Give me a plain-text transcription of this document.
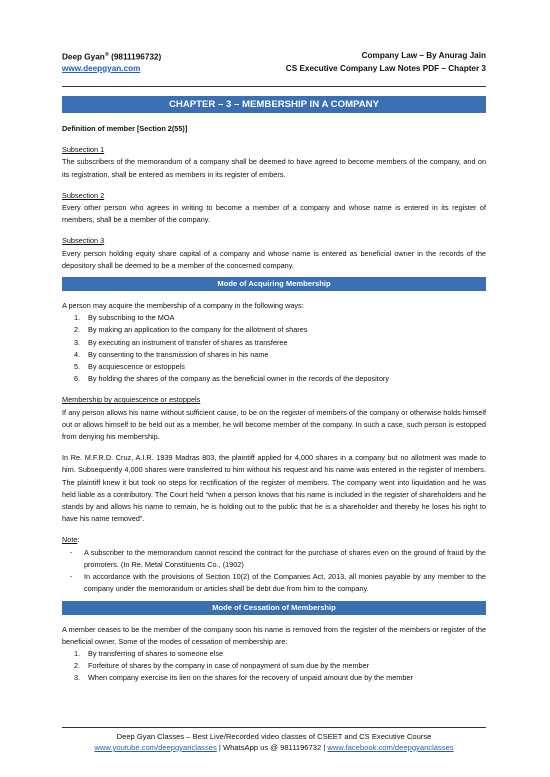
Deep Gyan® (9811196732)	Company Law – By Anurag Jain
www.deepgyan.com	CS Executive Company Law Notes PDF – Chapter 3
CHAPTER – 3 – MEMBERSHIP IN A COMPANY

Definition of member [Section 2(55)]

Subsection 1

The subscribers of the memorandum of a company shall be deemed to have agreed to become members of the company, and on its registration, shall be entered as members in its register of embers.

Subsection 2

Every other person who agrees in writing to become a member of a company and whose name is entered in its register of members, shall be a member of the company.

Subsection 3

Every person holding equity share capital of a company and whose name is entered as beneficial owner in the records of the depository shall be deemed to be a member of the concerned company.

Mode of Acquiring Membership

A person may acquire the membership of a company in the following ways:

1.	By subscribing to the MOA
2.	By making an application to the company for the allotment of shares
3.	By executing an instrument of transfer of shares as transferee
4.	By consenting to the transmission of shares in his name
5.	By acquiescence or estoppels
6.	By holding the shares of the company as the beneficial owner in the records of the depository

Membership by acquiescence or estoppels

If any person allows his name without sufficient cause, to be on the register of members of the company or otherwise holds himself out or allows himself to be held out as a member, he will become member of the company. In such a case, such person is estopped from denying his membership.

In Re. M.F.R.D. Cruz, A.I.R. 1939 Madras 803, the plaintiff applied for 4,000 shares in a company but no allotment was made to him. Subsequently 4,000 shares were transferred to him without his request and his name was entered in the register of members. The plaintiff knew it but took no steps for rectification of the register of members. The company went into liquidation and he was held liable as a contributory. The Court held “when a person knows that his name is included in the register of shareholders and he stands by and allows his name to remain, he is holding out to the public that he is a shareholder and thereby he loses his right to have his name removed”.

Note:

-	A subscriber to the memorandum cannot rescind the contract for the purchase of shares even on the ground of fraud by the promoters. (In Re. Metal Constituents Co., (1902)
-	In accordance with the provisions of Section 10(2) of the Companies Act, 2013, all monies payable by any member to the company under the memorandum or articles shall be debt due from him to the company.
Mode of Cessation of Membership

A member ceases to be the member of the company soon his name is removed from the register of the members or register of the beneficial owner. Some of the modes of cessation of membership are:

1.	By transferring of shares to someone else
2.	Forfeiture of shares by the company in case of nonpayment of sum due by the member
3.	When company exercise its lien on the shares for the recovery of unpaid amount due by the member
Deep Gyan Classes – Best Live/Recorded video classes of CSEET and CS Executive Course
www.youtube.com/deepgyanclasses | WhatsApp us @ 9811196732 | www.facebook.com/deepgyanclasses
